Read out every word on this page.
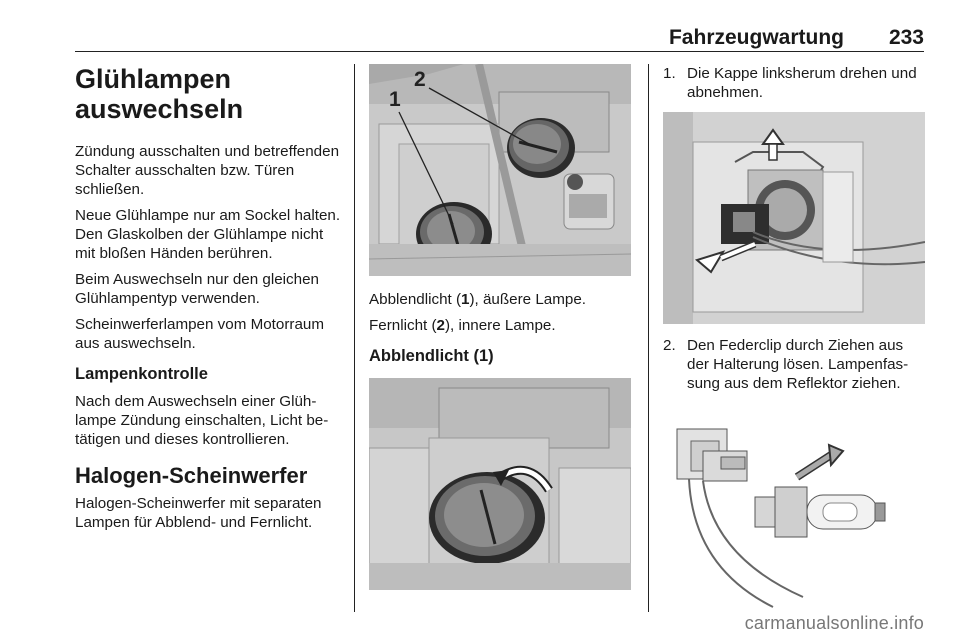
Fahrzeugwartung 233
Glühlampen auswechseln

Zündung ausschalten und betreffenden Schalter ausschalten bzw. Türen schließen.

Neue Glühlampe nur am Sockel halten. Den Glaskolben der Glühlampe nicht mit bloßen Händen berühren.

Beim Auswechseln nur den gleichen Glühlampentyp verwenden.

Scheinwerferlampen vom Motorraum aus auswechseln.

Lampenkontrolle

Nach dem Auswechseln einer Glühlampe Zündung einschalten, Licht betätigen und dieses kontrollieren.

Halogen-Scheinwerfer

Halogen-Scheinwerfer mit separaten Lampen für Abblend- und Fernlicht.

1
2

Abblendlicht (1), äußere Lampe.

Fernlicht (2), innere Lampe.

Abblendlicht (1)
1. Die Kappe linksherum drehen und abnehmen.
2. Den Federclip durch Ziehen aus der Halterung lösen. Lampenfassung aus dem Reflektor ziehen.
carmanualsonline.info
